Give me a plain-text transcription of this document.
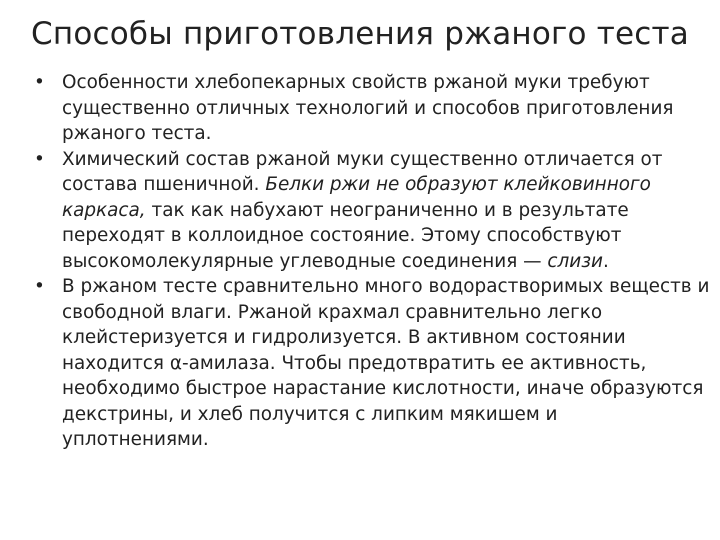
Способы приготовления ржаного теста
• Особенности хлебопекарных свойств ржаной муки требуют существенно отличных технологий и способов приготовления ржаного теста.
• Химический состав ржаной муки существенно отличается от состава пшеничной. Белки ржи не образуют клейковинного каркаса, так как набухают неограниченно и в результате переходят в коллоидное состояние. Этому способствуют высокомолекулярные углеводные соединения — слизи.
• В ржаном тесте сравнительно много водорастворимых веществ и свободной влаги. Ржаной крахмал сравнительно легко клейстеризуется и гидролизуется. В активном состоянии находится α-амилаза. Чтобы предотвратить ее активность, необходимо быстрое нарастание кислотности, иначе образуются декстрины, и хлеб получится с липким мякишем и уплотнениями.
